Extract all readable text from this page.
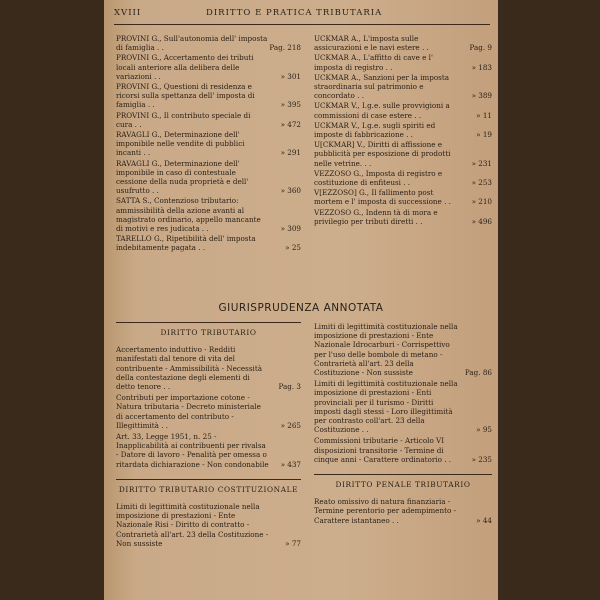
XVIII	DIRITTO E PRATICA TRIBUTARIA
PROVINI G., Sull'autonomia dell' imposta di famiglia . .	Pag. 218
PROVINI G., Accertamento dei tributi locali anteriore alla delibera delle variazioni . .	» 301
PROVINI G., Questioni di residenza e ricorsi sulla spettanza dell' imposta di famiglia . .	» 395
PROVINI G., Il contributo speciale di cura . .	» 472
RAVAGLI G., Determinazione dell' imponibile nelle vendite di pubblici incanti . .	» 291
RAVAGLI G., Determinazione dell' imponibile in caso di contestuale cessione della nuda proprietà e dell' usufrutto . .	» 360
SATTA S., Contenzioso tributario: ammissibilità della azione avanti al magistrato ordinario, appello mancante di motivi e res judicata . .	» 309
TARELLO G., Ripetibilità dell' imposta indebitamente pagata . .	» 25
UCKMAR A., L'imposta sulle assicurazioni e le navi estere . .	Pag. 9
UCKMAR A., L'affitto di cave e l' imposta di registro . .	» 183
UCKMAR A., Sanzioni per la imposta straordinaria sul patrimonio e concordato . .	» 389
UCKMAR V., I.g.e. sulle provvigioni a commissioni di case estere . .	» 11
UCKMAR V., I.g.e. sugli spiriti ed imposte di fabbricazione . .	» 19
U[CKMAR] V., Diritti di affissione e pubblicità per esposizione di prodotti nelle vetrine. . .	» 231
VEZZOSO G., Imposta di registro e costituzione di enfiteusi . .	» 253
V[EZZOSO] G., Il fallimento post mortem e l' imposta di successione . .	» 210
VEZZOSO G., Indenn tà di mora e privilegio per tributi diretti . .	» 496
GIURISPRUDENZA ANNOTATA
DIRITTO TRIBUTARIO
Accertamento induttivo - Redditi manifestati dal tenore di vita del contribuente - Ammissibilità - Necessità della contestazione degli elementi di detto tenore . .	Pag. 3
Contributi per importazione cotone - Natura tributaria - Decreto ministeriale di accertamento del contributo - Illegittimità . .	» 265
Art. 33, Legge 1951, n. 25 - Inapplicabilità ai contribuenti per rivalsa - Datore di lavoro - Penalità per omessa o ritardata dichiarazione - Non condonabile	» 437
DIRITTO TRIBUTARIO COSTITUZIONALE
Limiti di legittimità costituzionale nella imposizione di prestazioni - Ente Nazionale Risi - Diritto di contratto - Contrarietà all'art. 23 della Costituzione - Non sussiste	» 77
Limiti di legittimità costituzionale nella imposizione di prestazioni - Ente Nazionale Idrocarburi - Corrispettivo per l'uso delle bombole di metano - Contrarietà all'art. 23 della Costituzione - Non sussiste	Pag. 86
Limiti di legittimità costituzionale nella imposizione di prestazioni - Enti provinciali per il turismo - Diritti imposti dagli stessi - Loro illegittimità per contrasto coll'art. 23 della Costituzione . .	» 95
Commissioni tributarie - Articolo VI disposizioni transitorie - Termine di cinque anni - Carattere ordinatorio . .	» 235
DIRITTO PENALE TRIBUTARIO
Reato omissivo di natura finanziaria - Termine perentorio per adempimento - Carattere istantaneo . .	» 44
